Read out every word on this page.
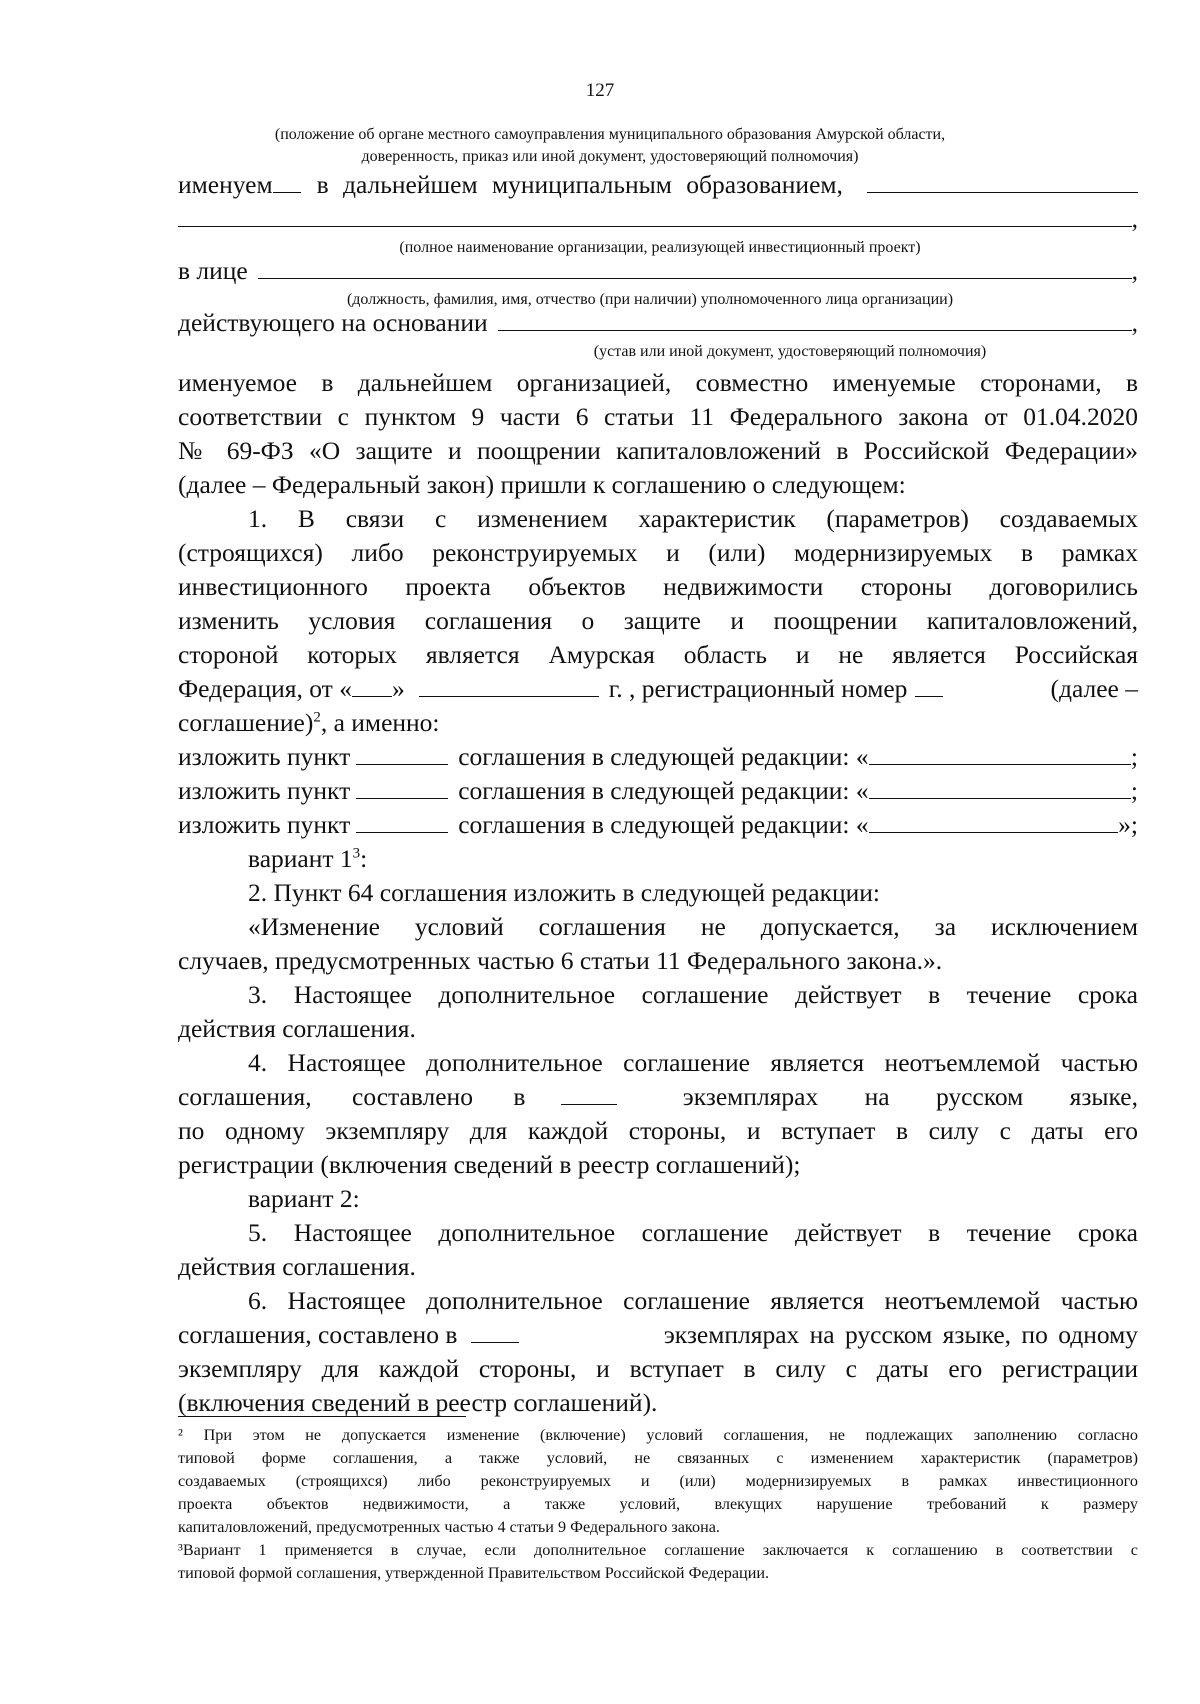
127
(положение об органе местного самоуправления муниципального образования Амурской области,
доверенность, приказ или иной документ, удостоверяющий полномочия)
именуем в дальнейшем муниципальным образованием,
,
(полное наименование организации, реализующей инвестиционный проект)
в лице	,
(должность, фамилия, имя, отчество (при наличии) уполномоченного лица организации)
действующего на основании	,
(устав или иной документ, удостоверяющий полномочия)
именуемое в дальнейшем организацией, совместно именуемые сторонами, в
соответствии с пунктом 9 части 6 статьи 11 Федерального закона от 01.04.2020
№ 69-ФЗ «О защите и поощрении капиталовложений в Российской Федерации»
(далее – Федеральный закон) пришли к соглашению о следующем:
1. В связи с изменением характеристик (параметров) создаваемых
(строящихся) либо реконструируемых и (или) модернизируемых в рамках
инвестиционного проекта объектов недвижимости стороны договорились
изменить условия соглашения о защите и поощрении капиталовложений,
стороной которых является Амурская область и не является Российская
Федерация, от « »	г. , регистрационный номер	(далее –
соглашение)$^2$, а именно:
изложить пункт	соглашения в следующей редакции: «	;
изложить пункт	соглашения в следующей редакции: «	;
изложить пункт	соглашения в следующей редакции: «	»;
вариант $1^3$:
2. Пункт 64 соглашения изложить в следующей редакции:
«Изменение условий соглашения не допускается, за исключением
случаев, предусмотренных частью 6 статьи 11 Федерального закона.».
3. Настоящее дополнительное соглашение действует в течение срока
действия соглашения.
4. Настоящее дополнительное соглашение является неотъемлемой частью
соглашения, составлено в	экземплярах на русском языке,
по одному экземпляру для каждой стороны, и вступает в силу с даты его
регистрации (включения сведений в реестр соглашений);
вариант 2:
5. Настоящее дополнительное соглашение действует в течение срока
действия соглашения.
6. Настоящее дополнительное соглашение является неотъемлемой частью
соглашения, составлено в	экземплярах на русском языке, по одному
экземпляру для каждой стороны, и вступает в силу с даты его регистрации
(включения сведений в реестр соглашений).
² При этом не допускается изменение (включение) условий соглашения, не подлежащих заполнению согласно
типовой форме соглашения, а также условий, не связанных с изменением характеристик (параметров)
создаваемых (строящихся) либо реконструируемых и (или) модернизируемых в рамках инвестиционного
проекта объектов недвижимости, а также условий, влекущих нарушение требований к размеру
капиталовложений, предусмотренных частью 4 статьи 9 Федерального закона.
³Вариант 1 применяется в случае, если дополнительное соглашение заключается к соглашению в соответствии с
типовой формой соглашения, утвержденной Правительством Российской Федерации.
